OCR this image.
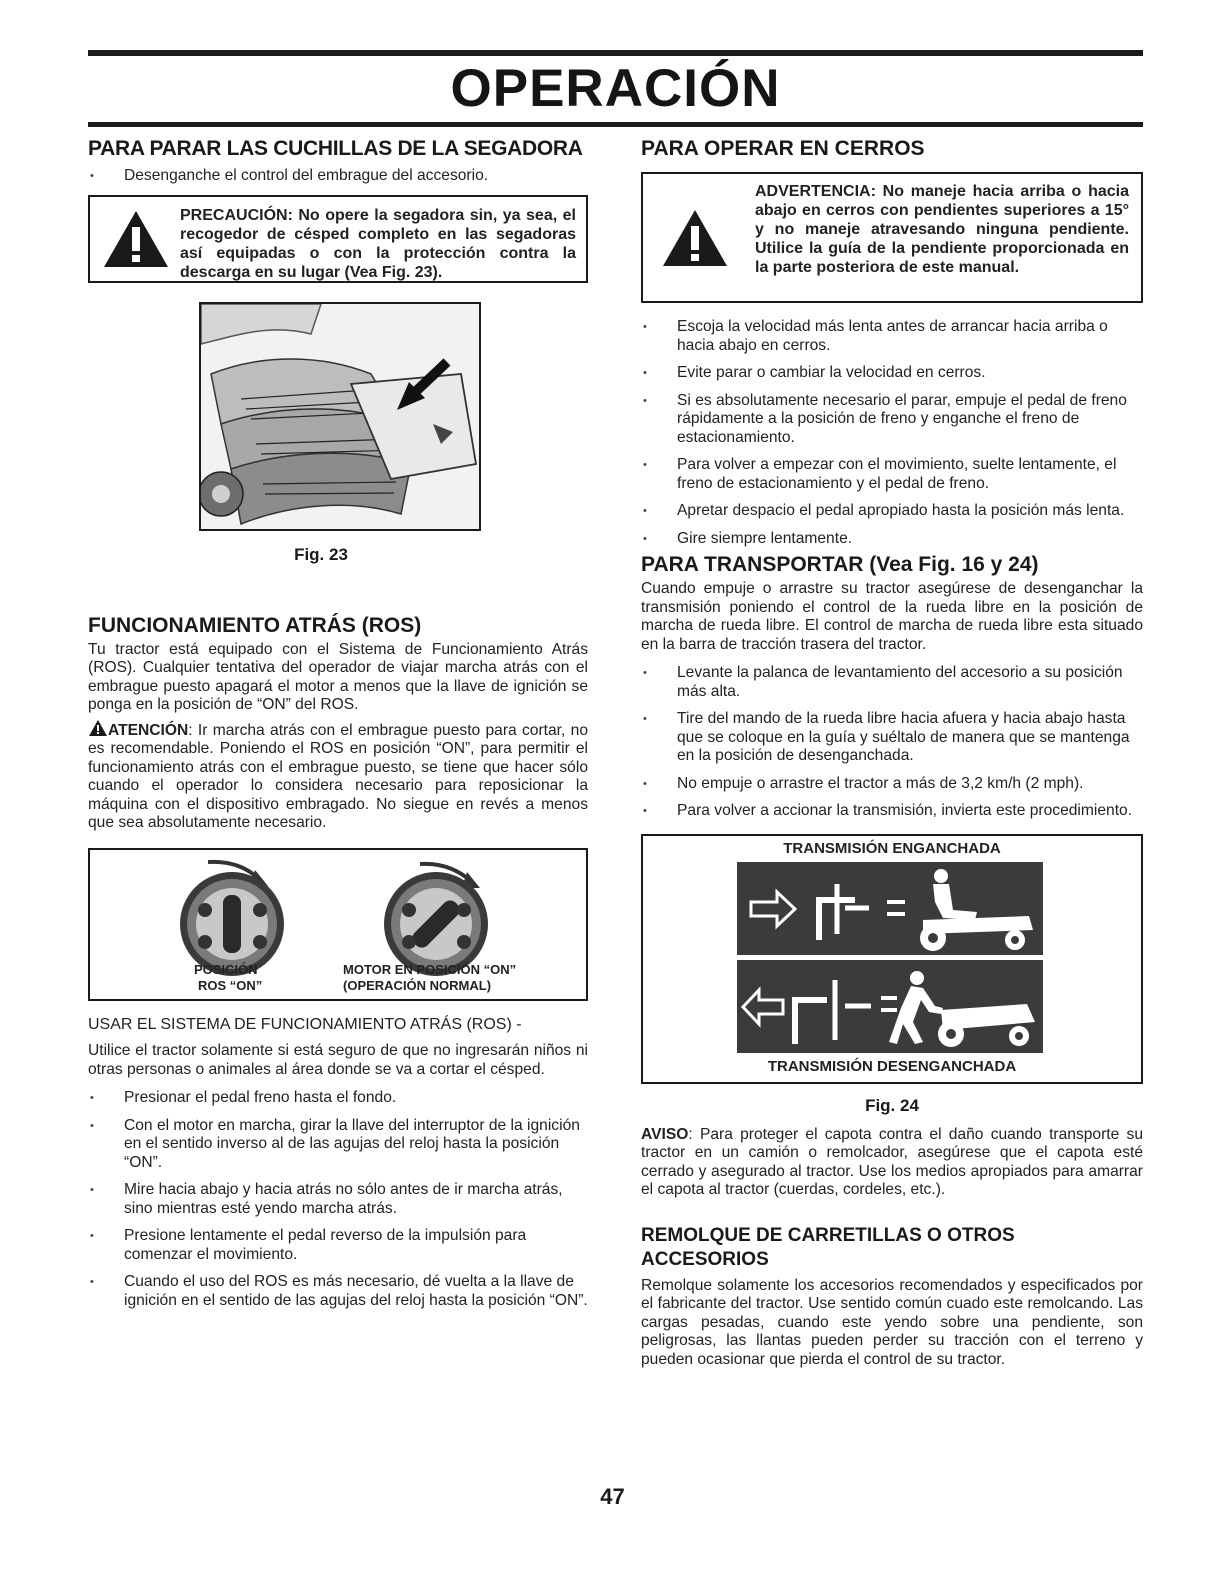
OPERACIÓN
PARA PARAR LAS CUCHILLAS DE LA SEGADORA
• Desenganche el control del embrague del accesorio.
PRECAUCIÓN: No opere la segadora sin, ya sea, el recogedor de césped completo en las segadoras así equipadas o con la protección contra la descarga en su lugar (Vea Fig. 23).
Fig. 23
FUNCIONAMIENTO ATRÁS (ROS)

Tu tractor está equipado con el Sistema de Funcionamiento Atrás (ROS). Cualquier tentativa del operador de viajar marcha atrás con el embrague puesto apagará el motor a menos que la llave de ignición se ponga en la posición de “ON” del ROS.

ATENCIÓN: Ir marcha atrás con el embrague puesto para cortar, no es recomendable. Poniendo el ROS en posición “ON”, para permitir el funcionamiento atrás con el embrague puesto, se tiene que hacer sólo cuando el operador lo considera necesario para reposicionar la máquina con el dispositivo embragado. No siegue en revés a menos que sea absolutamente necesario.

POSICIÓN
ROS “ON”
MOTOR EN POSICIÓN “ON”
(OPERACIÓN NORMAL)

USAR EL SISTEMA DE FUNCIONAMIENTO ATRÁS (ROS) -

Utilice el tractor solamente si está seguro de que no ingresarán niños ni otras personas o animales al área donde se va a cortar el césped.

• Presionar el pedal freno hasta el fondo.
• Con el motor en marcha, girar la llave del interruptor de la ignición en el sentido inverso al de las agujas del reloj hasta la posición “ON”.
• Mire hacia abajo y hacia atrás no sólo antes de ir marcha atrás, sino mientras esté yendo marcha atrás.
• Presione lentamente el pedal reverso de la impulsión para comenzar el movimiento.
• Cuando el uso del ROS es más necesario, dé vuelta a la llave de ignición en el sentido de las agujas del reloj hasta la posición “ON”.
PARA OPERAR EN CERROS
ADVERTENCIA: No maneje hacia arriba o hacia abajo en cerros con pendientes superiores a 15° y no maneje atravesando ninguna pendiente. Utilice la guía de la pendiente proporcionada en la parte posteriora de este manual.
• Escoja la velocidad más lenta antes de arrancar hacia arriba o hacia abajo en cerros.
• Evite parar o cambiar la velocidad en cerros.
• Si es absolutamente necesario el parar, empuje el pedal de freno rápidamente a la posición de freno y enganche el freno de estacionamiento.
• Para volver a empezar con el movimiento, suelte lentamente, el freno de estacionamiento y el pedal de freno.
• Apretar despacio el pedal apropiado hasta la posición más lenta.
• Gire siempre lentamente.
PARA TRANSPORTAR (Vea Fig. 16 y 24)

Cuando empuje o arrastre su tractor asegúrese de desenganchar la transmisión poniendo el control de la rueda libre en la posición de marcha de rueda libre. El control de marcha de rueda libre esta situado en la barra de tracción trasera del tractor.

• Levante la palanca de levantamiento del accesorio a su posición más alta.
• Tire del mando de la rueda libre hacia afuera y hacia abajo hasta que se coloque en la guía y suéltalo de manera que se mantenga en la posición de desenganchada.
• No empuje o arrastre el tractor a más de 3,2 km/h (2 mph).
• Para volver a accionar la transmisión, invierta este procedimiento.
TRANSMISIÓN ENGANCHADA
TRANSMISIÓN DESENGANCHADA
Fig. 24

AVISO: Para proteger el capota contra el daño cuando transporte su tractor en un camión o remolcador, asegúrese que el capota esté cerrado y asegurado al tractor. Use los medios apropiados para amarrar el capota al tractor (cuerdas, cordeles, etc.).

REMOLQUE DE CARRETILLAS O OTROS ACCESORIOS

Remolque solamente los accesorios recomendados y especificados por el fabricante del tractor. Use sentido común cuado este remolcando. Las cargas pesadas, cuando este yendo sobre una pendiente, son peligrosas, las llantas pueden perder su tracción con el terreno y pueden ocasionar que pierda el control de su tractor.

47
